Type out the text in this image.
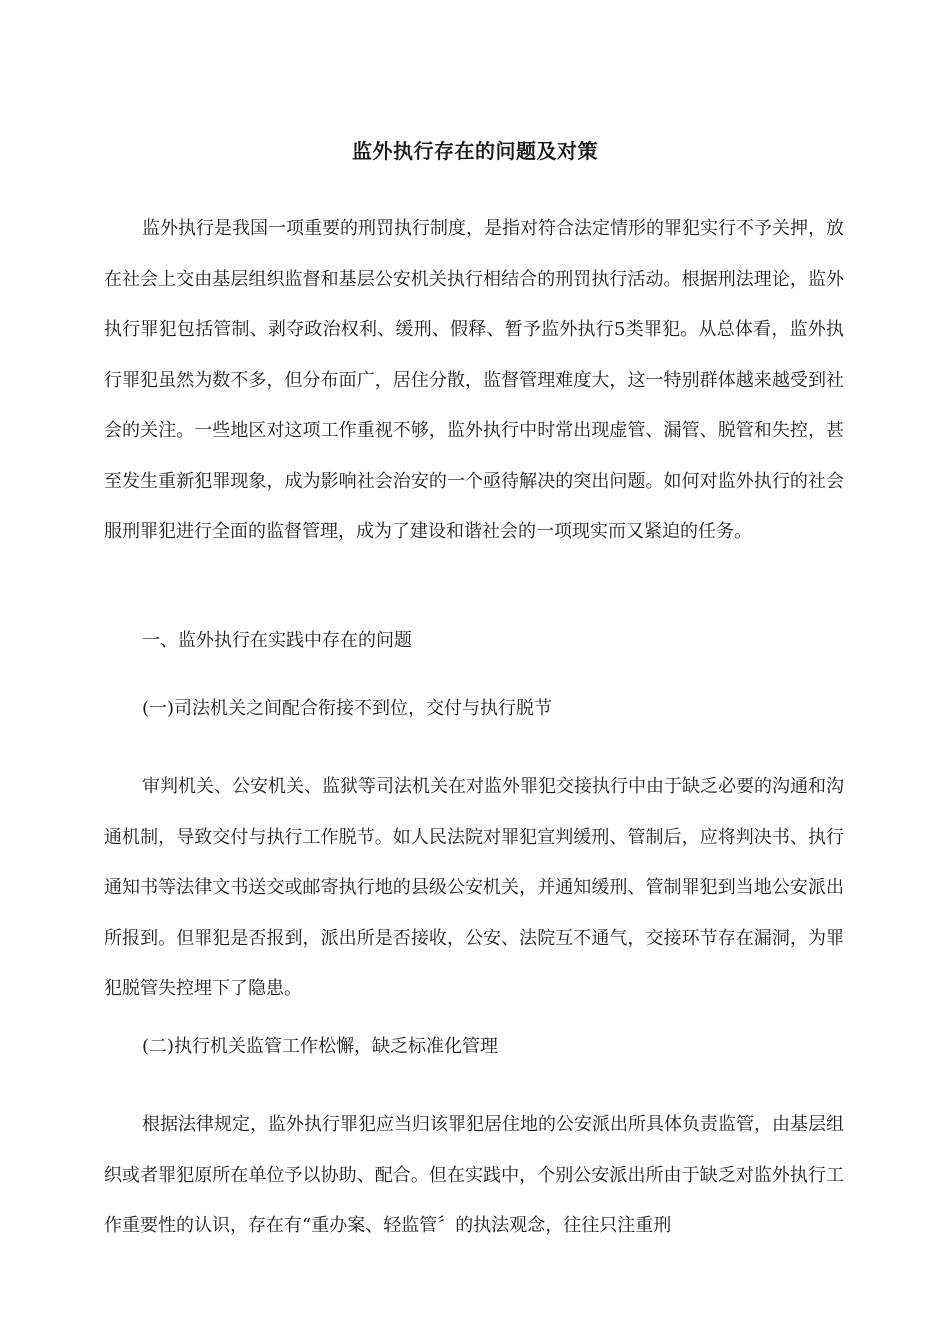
监外执行存在的问题及对策

监外执行是我国一项重要的刑罚执行制度，是指对符合法定情形的罪犯实行不予关押，放在社会上交由基层组织监督和基层公安机关执行相结合的刑罚执行活动。根据刑法理论，监外执行罪犯包括管制、剥夺政治权利、缓刑、假释、暂予监外执行5类罪犯。从总体看，监外执行罪犯虽然为数不多，但分布面广，居住分散，监督管理难度大，这一特别群体越来越受到社会的关注。一些地区对这项工作重视不够，监外执行中时常出现虚管、漏管、脱管和失控，甚至发生重新犯罪现象，成为影响社会治安的一个亟待解决的突出问题。如何对监外执行的社会服刑罪犯进行全面的监督管理，成为了建设和谐社会的一项现实而又紧迫的任务。

一、监外执行在实践中存在的问题

(一)司法机关之间配合衔接不到位，交付与执行脱节

审判机关、公安机关、监狱等司法机关在对监外罪犯交接执行中由于缺乏必要的沟通和沟通机制，导致交付与执行工作脱节。如人民法院对罪犯宣判缓刑、管制后，应将判决书、执行通知书等法律文书送交或邮寄执行地的县级公安机关，并通知缓刑、管制罪犯到当地公安派出所报到。但罪犯是否报到，派出所是否接收，公安、法院互不通气，交接环节存在漏洞，为罪犯脱管失控埋下了隐患。

(二)执行机关监管工作松懈，缺乏标准化管理

根据法律规定，监外执行罪犯应当归该罪犯居住地的公安派出所具体负责监管，由基层组织或者罪犯原所在单位予以协助、配合。但在实践中，个别公安派出所由于缺乏对监外执行工作重要性的认识，存在有“重办案、轻监管〞的执法观念，往往只注重刑
